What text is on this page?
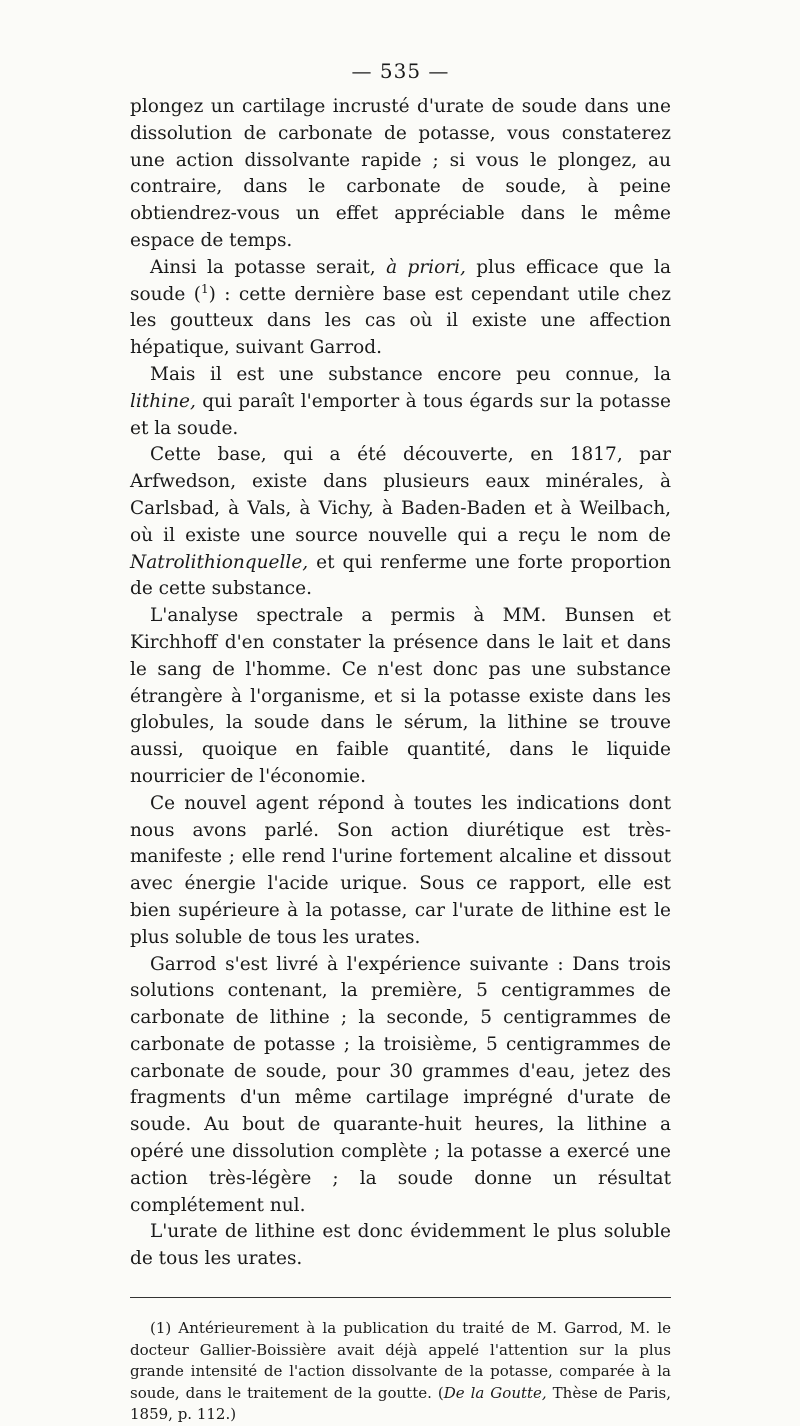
— 535 —

plongez un cartilage incrusté d'urate de soude dans une dissolution de carbonate de potasse, vous constaterez une action dissolvante rapide ; si vous le plongez, au contraire, dans le carbonate de soude, à peine obtiendrez-vous un effet appréciable dans le même espace de temps.

Ainsi la potasse serait, à priori, plus efficace que la soude ($^1$) : cette dernière base est cependant utile chez les goutteux dans les cas où il existe une affection hépatique, suivant Garrod.

Mais il est une substance encore peu connue, la lithine, qui paraît l'emporter à tous égards sur la potasse et la soude.

Cette base, qui a été découverte, en 1817, par Arfwedson, existe dans plusieurs eaux minérales, à Carlsbad, à Vals, à Vichy, à Baden-Baden et à Weilbach, où il existe une source nouvelle qui a reçu le nom de Natrolithionquelle, et qui renferme une forte proportion de cette substance.

L'analyse spectrale a permis à MM. Bunsen et Kirchhoff d'en constater la présence dans le lait et dans le sang de l'homme. Ce n'est donc pas une substance étrangère à l'organisme, et si la potasse existe dans les globules, la soude dans le sérum, la lithine se trouve aussi, quoique en faible quantité, dans le liquide nourricier de l'économie.

Ce nouvel agent répond à toutes les indications dont nous avons parlé. Son action diurétique est très-manifeste ; elle rend l'urine fortement alcaline et dissout avec énergie l'acide urique. Sous ce rapport, elle est bien supérieure à la potasse, car l'urate de lithine est le plus soluble de tous les urates.

Garrod s'est livré à l'expérience suivante : Dans trois solutions contenant, la première, 5 centigrammes de carbonate de lithine ; la seconde, 5 centigrammes de carbonate de potasse ; la troisième, 5 centigrammes de carbonate de soude, pour 30 grammes d'eau, jetez des fragments d'un même cartilage imprégné d'urate de soude. Au bout de quarante-huit heures, la lithine a opéré une dissolution complète ; la potasse a exercé une action très-légère ; la soude donne un résultat complétement nul.

L'urate de lithine est donc évidemment le plus soluble de tous les urates.

(1) Antérieurement à la publication du traité de M. Garrod, M. le docteur Gallier-Boissière avait déjà appelé l'attention sur la plus grande intensité de l'action dissolvante de la potasse, comparée à la soude, dans le traitement de la goutte. (De la Goutte, Thèse de Paris, 1859, p. 112.)
